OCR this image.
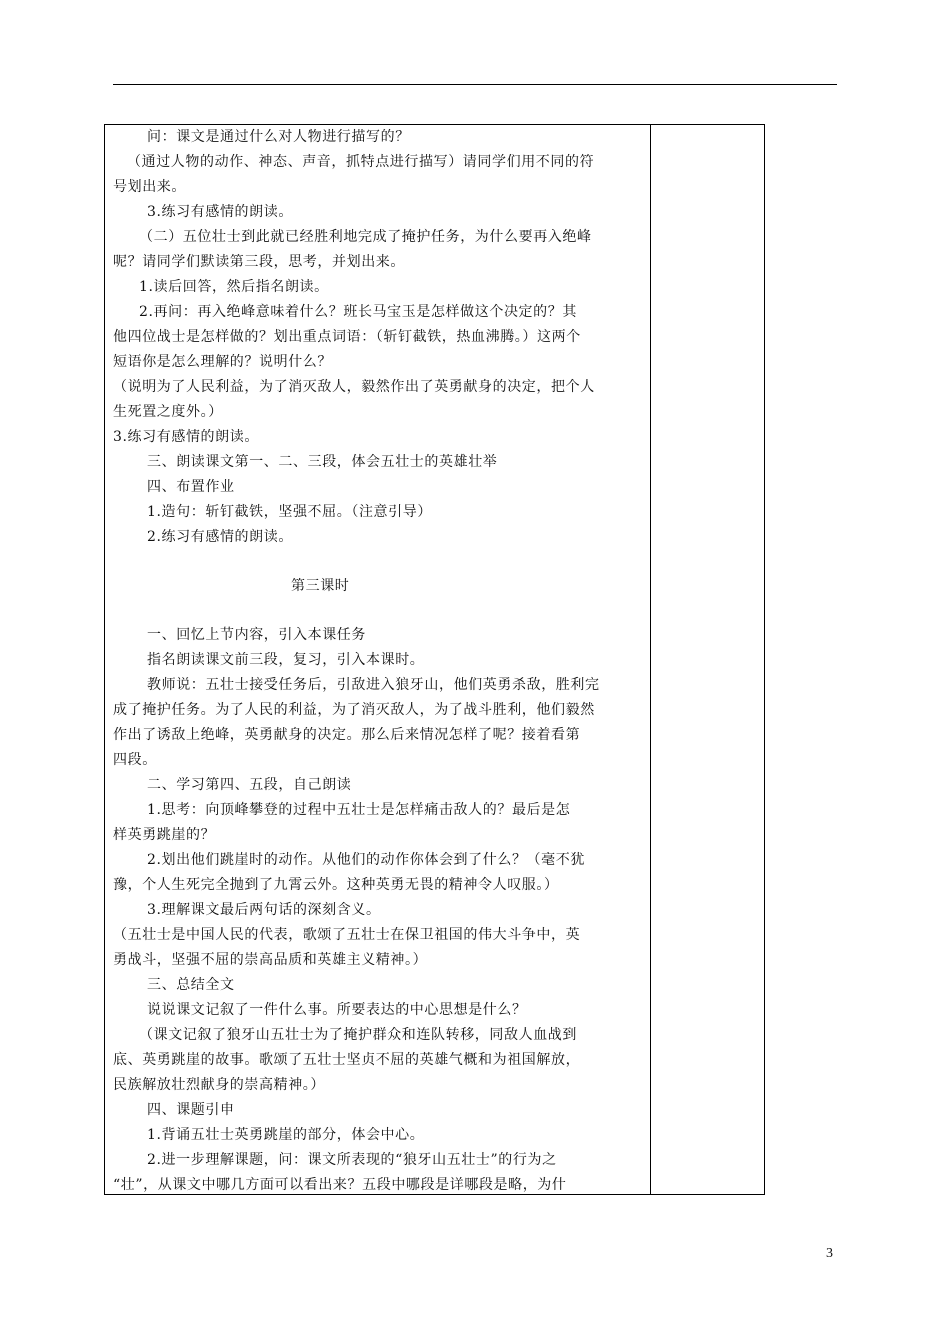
问：课文是通过什么对人物进行描写的？
（通过人物的动作、神态、声音，抓特点进行描写）请同学们用不同的符
号划出来。
3.练习有感情的朗读。
（二）五位壮士到此就已经胜利地完成了掩护任务，为什么要再入绝峰
呢？请同学们默读第三段，思考，并划出来。
1.读后回答，然后指名朗读。
2.再问：再入绝峰意味着什么？班长马宝玉是怎样做这个决定的？其
他四位战士是怎样做的？划出重点词语：（斩钉截铁，热血沸腾。）这两个
短语你是怎么理解的？说明什么？
（说明为了人民利益，为了消灭敌人，毅然作出了英勇献身的决定，把个人
生死置之度外。）
3.练习有感情的朗读。
三、朗读课文第一、二、三段，体会五壮士的英雄壮举
四、布置作业
1.造句：斩钉截铁，坚强不屈。（注意引导）
2.练习有感情的朗读。
第三课时
一、回忆上节内容，引入本课任务
指名朗读课文前三段，复习，引入本课时。
教师说：五壮士接受任务后，引敌进入狼牙山，他们英勇杀敌，胜利完
成了掩护任务。为了人民的利益，为了消灭敌人，为了战斗胜利，他们毅然
作出了诱敌上绝峰，英勇献身的决定。那么后来情况怎样了呢？接着看第
四段。
二、学习第四、五段，自己朗读
1.思考：向顶峰攀登的过程中五壮士是怎样痛击敌人的？最后是怎
样英勇跳崖的？
2.划出他们跳崖时的动作。从他们的动作你体会到了什么？（毫不犹
豫，个人生死完全抛到了九霄云外。这种英勇无畏的精神令人叹服。）
3.理解课文最后两句话的深刻含义。
（五壮士是中国人民的代表，歌颂了五壮士在保卫祖国的伟大斗争中，英
勇战斗，坚强不屈的崇高品质和英雄主义精神。）
三、总结全文
说说课文记叙了一件什么事。所要表达的中心思想是什么？
（课文记叙了狼牙山五壮士为了掩护群众和连队转移，同敌人血战到
底、英勇跳崖的故事。歌颂了五壮士坚贞不屈的英雄气概和为祖国解放，
民族解放壮烈献身的崇高精神。）
四、课题引申
1.背诵五壮士英勇跳崖的部分，体会中心。
2.进一步理解课题，问：课文所表现的“狼牙山五壮士”的行为之
“壮”，从课文中哪几方面可以看出来？五段中哪段是详哪段是略，为什
3
